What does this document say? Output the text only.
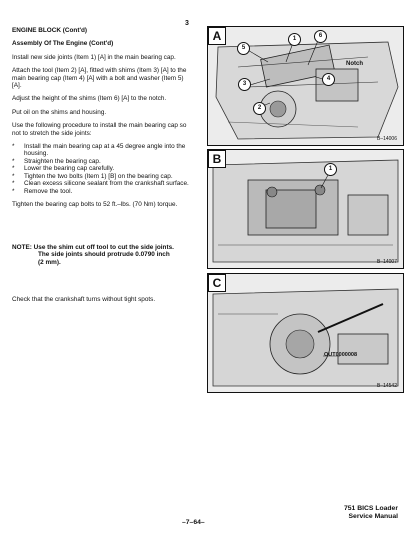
3
ENGINE BLOCK (Cont'd)
Assembly Of The Engine (Cont'd)

Install new side joints (Item 1) [A] in the main bearing cap.

Attach the tool (Item 2) [A], fitted with shims (Item 3) [A] to the main bearing cap (Item 4) [A] with a bolt and washer (Item 5) [A].

Adjust the height of the shims (Item 6) [A] to the notch.

Put oil on the shims and housing.

Use the following procedure to install the main bearing cap so not to stretch the side joints:

* Install the main bearing cap at a 45 degree angle into the housing.
* Straighten the bearing cap.
* Lower the bearing cap carefully.
* Tighten the two bolts (Item 1) [B] on the bearing cap.
* Clean excess silicone sealant from the crankshaft surface.
* Remove the tool.

Tighten the bearing cap bolts to 52 ft.–lbs. (70 Nm) torque.

NOTE: Use the shim cut off tool to cut the side joints.
The side joints should protrude 0.0790 inch
(2 mm).
Check that the crankshaft turns without tight spots.
A	1
2
3
4
5
6
Notch
B–14006
B
1
B–14007
C
OUT0000008
B–14542
751 BICS Loader
Service Manual
–7–64–
